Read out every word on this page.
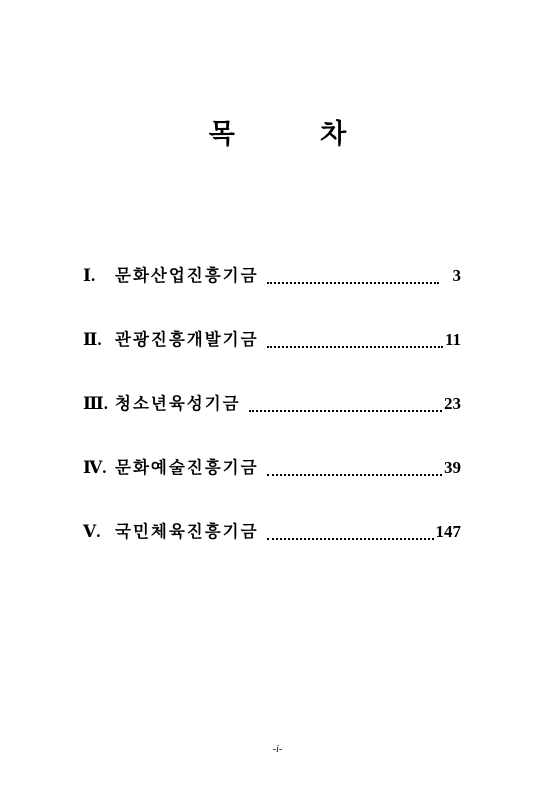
목 차
Ⅰ.	문화산업진흥기금	3
Ⅱ. 관광진흥개발기금	11
Ⅲ. 청소년육성기금	23
Ⅳ. 문화예술진흥기금	39
Ⅴ. 국민체육진흥기금	147
-i-
